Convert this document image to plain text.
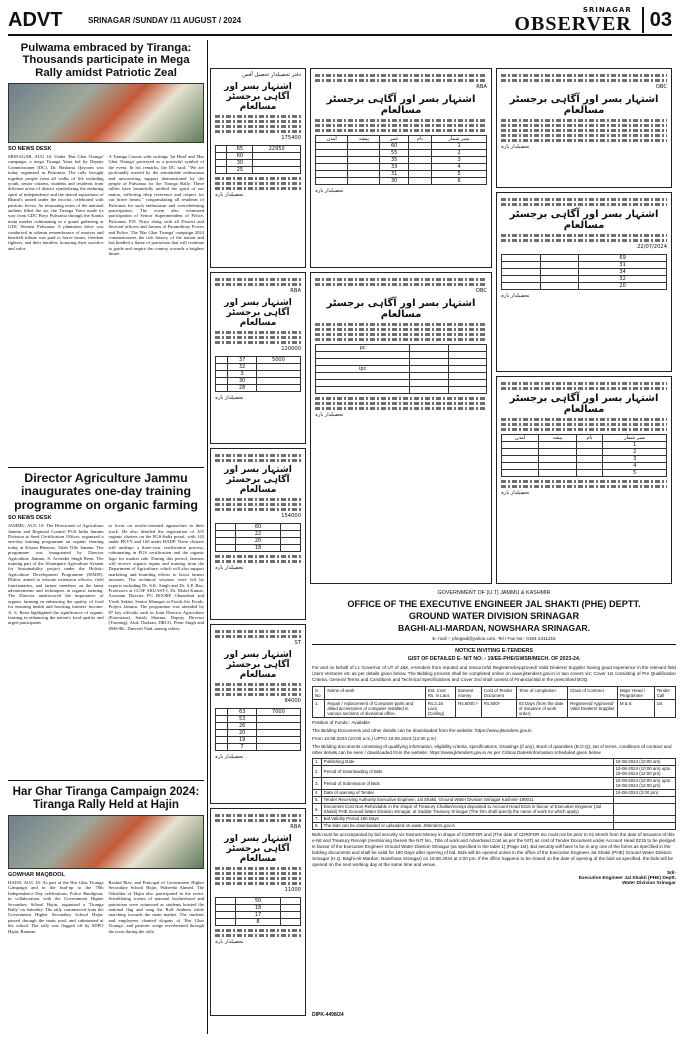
ADVT	SRINAGAR /SUNDAY /11 AUGUST / 2024
SRINAGAR
OBSERVER 03
Pulwama embraced by Tiranga: Thousands participate in Mega Rally amidst Patriotic Zeal
SO NEWS DESK

SRINAGAR, AUG 10: Under 'Har Ghar Tiranga' campaign, a mega Tiranga Yatra led by Deputy Commissioner (DC), Dr. Basharat Qayoom was today organized in Pulwama. The rally brought together people from all walks of life including youth, senior citizens, students and residents from different areas of district symbolizing the enduring spirit of independence and the shared aspirations of Bharat's united under the tricolor, celebrated with patriotic fervor. As resonating notes of the national anthem filled the air, the Tiranga Yatra made its way from GDC Boys Pulwama through the Kamla main market culminating in a grand gathering at GDC Women Pulwama. A plantation drive was conducted in solemn remembrance of martyrs and heartfelt tribute was paid to brave hearts, freedom fighters, and their families, honoring their sacrifice and valor.

A Tiranga Canvas with writings 'Jai Hind' and 'Har Ghar Tiranga' portrayed as a powerful symbol of the event. In his remarks, the DC said: "We are profoundly moved by the remarkable enthusiasm and unwavering support demonstrated by the people of Pulwama for the Tiranga Rally. These rallies have beautifully unified the spirit of our nation, reflecting deep reverence and respect for our brave hearts," congratulating all residents of Pulwama for such enthusiasm and overwhelming participation. The event also witnessed participation of Senior Superintendent of Police, Pulwama, P.D. Nitya along with all District and Sectoral officers and Jawans of Paramilitary Forces and Police. The 'Har Ghar Tiranga' campaign 2024 commemorates the rich history of the nation and has kindled a flame of patriotism that will continue to guide and inspire the country towards a brighter future.

Director Agriculture Jammu inaugurates one-day training programme on organic farming
SO NEWS DESK

JAMMU, AUG 10: The Directorate of Agriculture Jammu and Regional Council PGS India Jammu Division at Seed Certification Officer, organized a one-day training programme on organic farming today at Kissan Bhawan, Talab Tillo Jammu. The programme was inaugurated by Director Agriculture Jammu, S. Arvinder Singh Reen. The training part of the Aliaimpure Agriculture System for Sustainability project under the Holistic Agriculture Development Programme (HADP), Dhfoir, aimed to educate extension officers, field functionaries, and farmer members on the latest advancements and techniques in organic farming. The Director underscored the importance of organic farming in enhancing the quality of food for ensuring health and boosting farmers' income. A. S. Reen highlighted the significance of organic farming in enhancing the nation's food quality and urged participants

to focus on results-oriented approaches in their work. He also detailed the registration of 355 organic clusters on the PGS-India portal, with 143 under PKVY and 160 under HADP. These clusters will undergo a three-year certification process, culminating in PGS certification and the organic logo for market sale. During this period, farmers will receive organic inputs and training from the Department of Agriculture, which will also support marketing and branding efforts to boost farmer incomes. The technical sessions were led by experts including Dr. S.K. Singh and Dr. A.P. Rao, Professors at CCSF SKUAST-J, Dr. Mohd Kumar, Assistant Director PG BOORF Ghaziabad and Vivek Sakini, Senior Manager at Foods Six Foods. Project Jammu. The programme was attended by 87 key officials such as Joint Director Agriculture (Extension), Satish Sharma, Deputy Director (Training), Alok Thakran, DRCO, Prem Singh and SMS-BL, Darvesh Vaid, among others.

Har Ghar Tiranga Campaign 2024: Tiranga Rally Held at Hajin
GOWHAR MAQBOOL

HAJIN, AUG 10: As part of the Har Ghar Tiranga Campaign and in the lead-up to the 78th Independence Day celebrations, Police Bandipora, in collaboration with the Government Higher Secondary School Hajin, organized a 'Tiranga Rally' on Saturday. The rally commenced from the Government Higher Secondary School Hajin, passed through the main road, and culminated at the school. The rally was flagged off by SDPO Hajin, Ramzan

Roshid Biav, and Principal of Government Higher Secondary School Hajin, Waheeda Ahmed. The Tehsildar of Hajin also participated in the event. Scintillating scenes of national brotherhood and patriotism were witnessed as students hoisted the national flag and sang the Roll Anthem while marching towards the main market. The students and employees chanted slogans of 'Har Ghar Tiranga', and patriotic songs reverberated through the town during the rally.

دفتر تحصیلدار تحصیل آفس
اشتہار بسر اور آگاہی برجسٹر مسالعام
175400
22950	65	
	60	
	30	
	25	
تحصیلدار بارہ
RBA
اشتہار بسر اور آگاہی برجسٹر مسالعام
120000
5000	37	
	32	
	3	
	30	
	28	
تحصیلدار بارہ
اشتہار بسر اور آگاہی برجسٹر مسالعام
154000
	60	
	22	
	20	
	18	
تحصیلدار بارہ
ST
اشتہار بسر اور آگاہی برجسٹر مسالعام
84000
7000	63	
	53	
	26	
	20	
	19	
	7	
تحصیلدار بارہ
RBA
اشتہار بسر اور آگاہی برجسٹر مسالعام
11000
	50	
	18	
	17	
	8	
تحصیلدار بارہ
RBA
اشتہار بسر اور آگاہی برجسٹر مسالعام
نمبر شمار	نام	عمر	پیشہ	آمدن
1		60		
2		55		
3		35		
4		33		
5		31		
6		30		
تحصیلدار بارہ
OBC
اشتہار بسر اور آگاہی برجسٹر مسالعام
		pc

		ipc

تحصیلدار بارہ
OBC
اشتہار بسر اور آگاہی برجسٹر مسالعام
تحصیلدار بارہ
اشتہار بسر اور آگاہی برجسٹر مسالعام
22/07/2024
69		
31		
34		
32		
20		
تحصیلدار بارہ
اشتہار بسر اور آگاہی برجسٹر مسالعام
نمبر شمار	نام	پیشہ	آمدن
1			
2			
3			
4			
5			
تحصیلدار بارہ
GOVERNMENT OF (U.T) JAMMU & KASHMIR
OFFICE OF THE EXECUTIVE ENGINEER JAL SHAKTI (PHE) DEPTT.
GROUND WATER DIVISION SRINAGAR
BAGHI-ALI-MARDAN, NOWSHARA SRINAGAR.
E- mail :- phegwd@yahoo.com, Tel / Fax No:- 0194-2411215
NOTICE INVITING E-TENDERS
GIST OF DETAILED E- NIT NO: - 19/EE-PHE/GWSR/MECH. OF 2023-24.
For and on behalf of Lt. Governor of UT of J&K, e-tenders from reputed and resourceful Registered/Approved/ Valid Dealers/ Supplier having good experience in the relevant field /Joint Ventures etc as per details given below. The Bidding process shall be completed online on www.jktenders.gov.in in two covers viz; Cover 1st consisting of Pre Qualification Criteria, General Terms and Conditions and Technical Specifications and Cover 2nd shall consist of Financial Bid in the prescribed BOQ.
S. No	Name of work	Est. Cost Rs. in Lacs	Earnest money	Cost of Tender Document	Time of completion	Class of Contract	Major Head / Programme	Tender Call
1.	Repair / replacement of Computer parts and allied accessories of computer installed in various sections of divisional office.	Rs.2.16 Lacs (Ceiling)	Rs.6000 /-	Rs.500/-	03 Days (from the date of issuance of work order)	Registered/ Approved/ Valid Dealers/ Supplier	M & E	1st
Position of Funds:- Available
The Bidding Documents and other details can be downloaded from the website: https://www.jktenders.gov.in
From 10.08.2024 (10:00 a.m.) UPTO 19.08.2024 (12:00 p.m)
The Bidding documents consisting of qualifying information, eligibility criteria, specifications, Drawings (if any), Book of quantities (B.O.Q), set of terms, conditions of contract and other details can be seen / downloaded from the website: https://www.jktenders.gov.in As per Critical Dates/information scheduled given below
1.	Publishing Date	10-08-2024 (10:00 am)
2.	Period of Downloading of Bids	10-08-2024 (10:00 am) upto 19-08-2024 (12:00 pm)
3.	Period of Submission of Bids	10-08-2024 (10:00 am) upto 19-08-2024 (12:00 pm)
4.	Date of opening of Tender	19-08-2024 (2:00 pm)
5.	Tender Receiving Authority Executive Engineer, Jal Shakti, Ground Water Division Srinagar Kashmir-190011	
6.	Document Cost Non-Refundable in the shape of Treasury Challan/receipt deposited to Account Head 0215 in favour of Executive Engineer (Jal Shakti) PHE Ground Water Division Srinagar, at Saddar Treasury Srinagar (The firm shall specify the name of work for which apply)	
7.	Bid Validity Period 180 Days	
8.	The bids can be downloaded or uploaded on www. Jktenders.gov.in	
Bids must be accompanied by bid security viz Earnest Money in shape of CDR/FDR and (The date of CDR/FDR etc must not be prior to 01 Month from the date of issuance of this e-Nit and Treasury Receipt (mentioning therein the NIT No., Title of work and Advertised Cost as per the NIT) as cost of Tender Document under Account Head 0215 to be pledged in favour of the Executive Engineer Ground Water Division Srinagar (as specified in the table 1) (Page 1st). Bid security will have to be in any one of the forms as specified in the bidding documents and shall be valid for 180 Days after opening of bid. Bids will be opened online in the office of the Executive Engineer Jal Shakti (PHE) Ground Water Division Srinagar (H.Q. Baghi-Ali-Mardan, Nowshara Srinagar) on 19.08.2024 at 2:00 pm. If the office happens to be closed on the date of opening of the bids as specified, the bids will be opened on the next working day at the same time and venue.
Sd/-
Executive Engineer Jal Shakti (PHE) Deptt.
Water Division Srinagar
DIPK-4498/24
